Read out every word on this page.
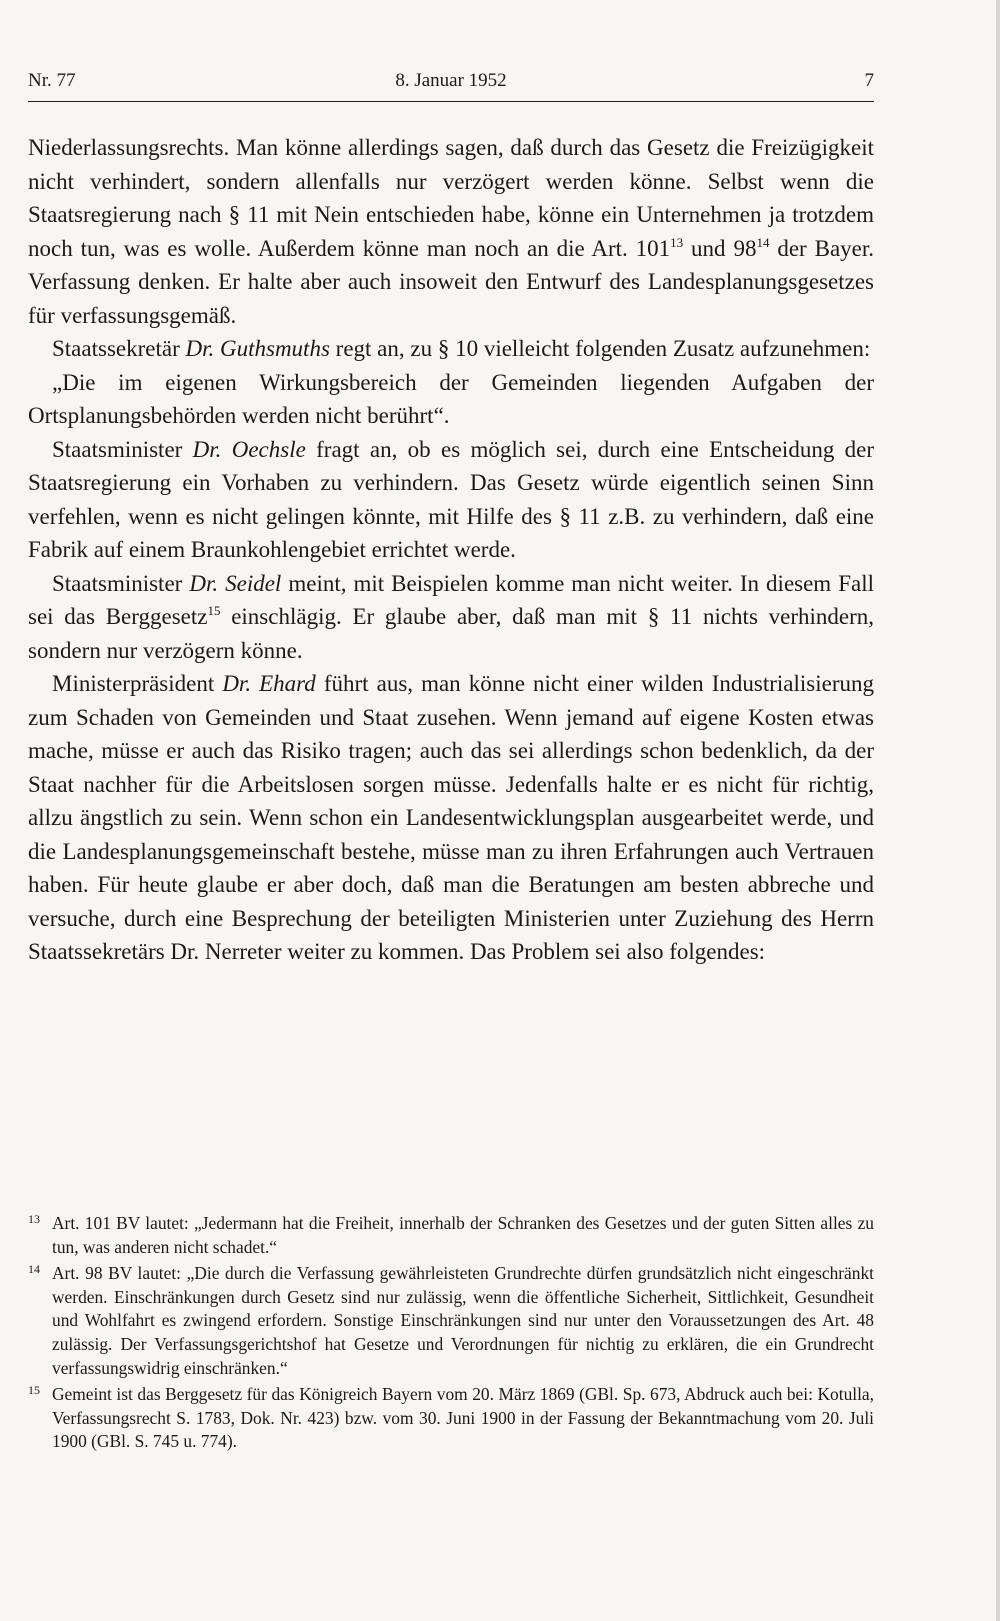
Nr. 77	8. Januar 1952	7

Niederlassungsrechts. Man könne allerdings sagen, daß durch das Gesetz die Freizügigkeit nicht verhindert, sondern allenfalls nur verzögert werden könne. Selbst wenn die Staatsregierung nach § 11 mit Nein entschieden habe, könne ein Unternehmen ja trotzdem noch tun, was es wolle. Außerdem könne man noch an die Art. $101^{13}$ und $98^{14}$ der Bayer. Verfassung denken. Er halte aber auch insoweit den Entwurf des Landesplanungsgesetzes für verfassungsgemäß.

Staatssekretär Dr. Guthsmuths regt an, zu § 10 vielleicht folgenden Zusatz aufzunehmen:

„Die im eigenen Wirkungsbereich der Gemeinden liegenden Aufgaben der Ortsplanungsbehörden werden nicht berührt“.

Staatsminister Dr. Oechsle fragt an, ob es möglich sei, durch eine Entscheidung der Staatsregierung ein Vorhaben zu verhindern. Das Gesetz würde eigentlich seinen Sinn verfehlen, wenn es nicht gelingen könnte, mit Hilfe des § 11 z.B. zu verhindern, daß eine Fabrik auf einem Braunkohlengebiet errichtet werde.

Staatsminister Dr. Seidel meint, mit Beispielen komme man nicht weiter. In diesem Fall sei das Berggesetz$^{15}$ einschlägig. Er glaube aber, daß man mit § 11 nichts verhindern, sondern nur verzögern könne.

Ministerpräsident Dr. Ehard führt aus, man könne nicht einer wilden Industrialisierung zum Schaden von Gemeinden und Staat zusehen. Wenn jemand auf eigene Kosten etwas mache, müsse er auch das Risiko tragen; auch das sei allerdings schon bedenklich, da der Staat nachher für die Arbeitslosen sorgen müsse. Jedenfalls halte er es nicht für richtig, allzu ängstlich zu sein. Wenn schon ein Landesentwicklungsplan ausgearbeitet werde, und die Landesplanungsgemeinschaft bestehe, müsse man zu ihren Erfahrungen auch Vertrauen haben. Für heute glaube er aber doch, daß man die Beratungen am besten abbreche und versuche, durch eine Besprechung der beteiligten Ministerien unter Zuziehung des Herrn Staatssekretärs Dr. Nerreter weiter zu kommen. Das Problem sei also folgendes:

13 Art. 101 BV lautet: „Jedermann hat die Freiheit, innerhalb der Schranken des Gesetzes und der guten Sitten alles zu tun, was anderen nicht schadet.“
14 Art. 98 BV lautet: „Die durch die Verfassung gewährleisteten Grundrechte dürfen grundsätzlich nicht eingeschränkt werden. Einschränkungen durch Gesetz sind nur zulässig, wenn die öffentliche Sicherheit, Sittlichkeit, Gesundheit und Wohlfahrt es zwingend erfordern. Sonstige Einschränkungen sind nur unter den Voraussetzungen des Art. 48 zulässig. Der Verfassungsgerichtshof hat Gesetze und Verordnungen für nichtig zu erklären, die ein Grundrecht verfassungswidrig einschränken.“
15 Gemeint ist das Berggesetz für das Königreich Bayern vom 20. März 1869 (GBl. Sp. 673, Abdruck auch bei: Kotulla, Verfassungsrecht S. 1783, Dok. Nr. 423) bzw. vom 30. Juni 1900 in der Fassung der Bekanntmachung vom 20. Juli 1900 (GBl. S. 745 u. 774).
